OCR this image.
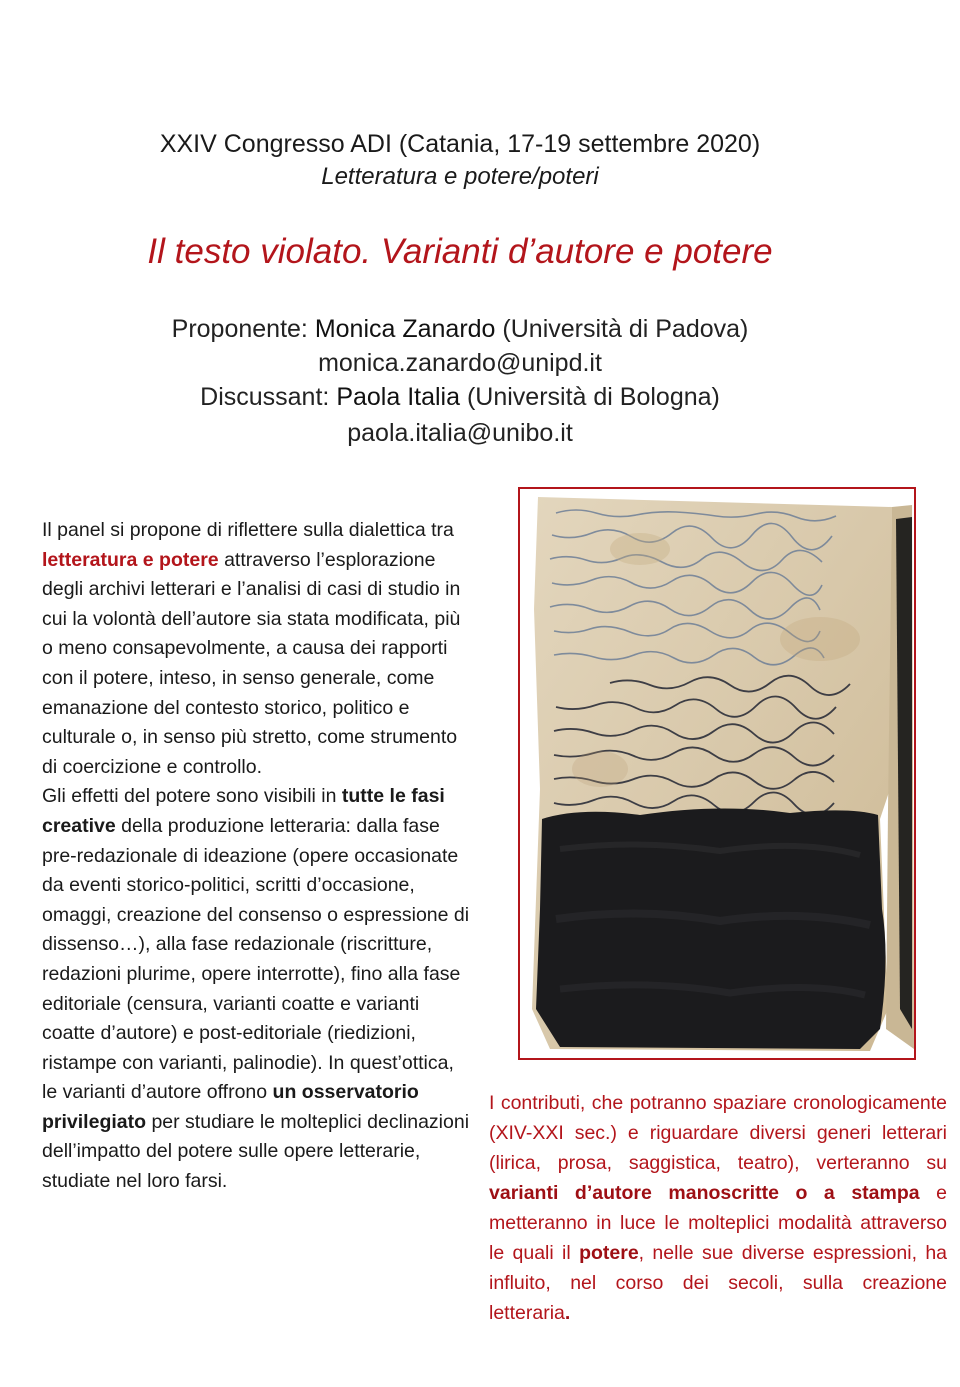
XXIV Congresso ADI (Catania, 17-19 settembre 2020)
Letteratura e potere/poteri
Il testo violato. Varianti d’autore e potere
Proponente: Monica Zanardo (Università di Padova)
monica.zanardo@unipd.it
Discussant: Paola Italia (Università di Bologna)
paola.italia@unibo.it

Il panel si propone di riflettere sulla dialettica tra letteratura e potere attraverso l’esplorazione degli archivi letterari e l’analisi di casi di studio in cui la volontà dell’autore sia stata modificata, più o meno consapevolmente, a causa dei rapporti con il potere, inteso, in senso generale, come emanazione del contesto storico, politico e culturale o, in senso più stretto, come strumento di coercizione e controllo.

Gli effetti del potere sono visibili in tutte le fasi creative della produzione letteraria: dalla fase pre-redazionale di ideazione (opere occasionate da eventi storico-politici, scritti d’occasione, omaggi, creazione del consenso o espressione di dissenso…), alla fase redazionale (riscritture, redazioni plurime, opere interrotte), fino alla fase editoriale (censura, varianti coatte e varianti coatte d’autore) e post-editoriale (riedizioni, ristampe con varianti, palinodie). In quest’ottica, le varianti d’autore offrono un osservatorio privilegiato per studiare le molteplici declinazioni dell’impatto del potere sulle opere letterarie, studiate nel loro farsi.

I contributi, che potranno spaziare cronologicamente (XIV-XXI sec.) e riguardare diversi generi letterari (lirica, prosa, saggistica, teatro), verteranno su varianti d’autore manoscritte o a stampa e metteranno in luce le molteplici modalità attraverso le quali il potere, nelle sue diverse espressioni, ha influito, nel corso dei secoli, sulla creazione letteraria.
